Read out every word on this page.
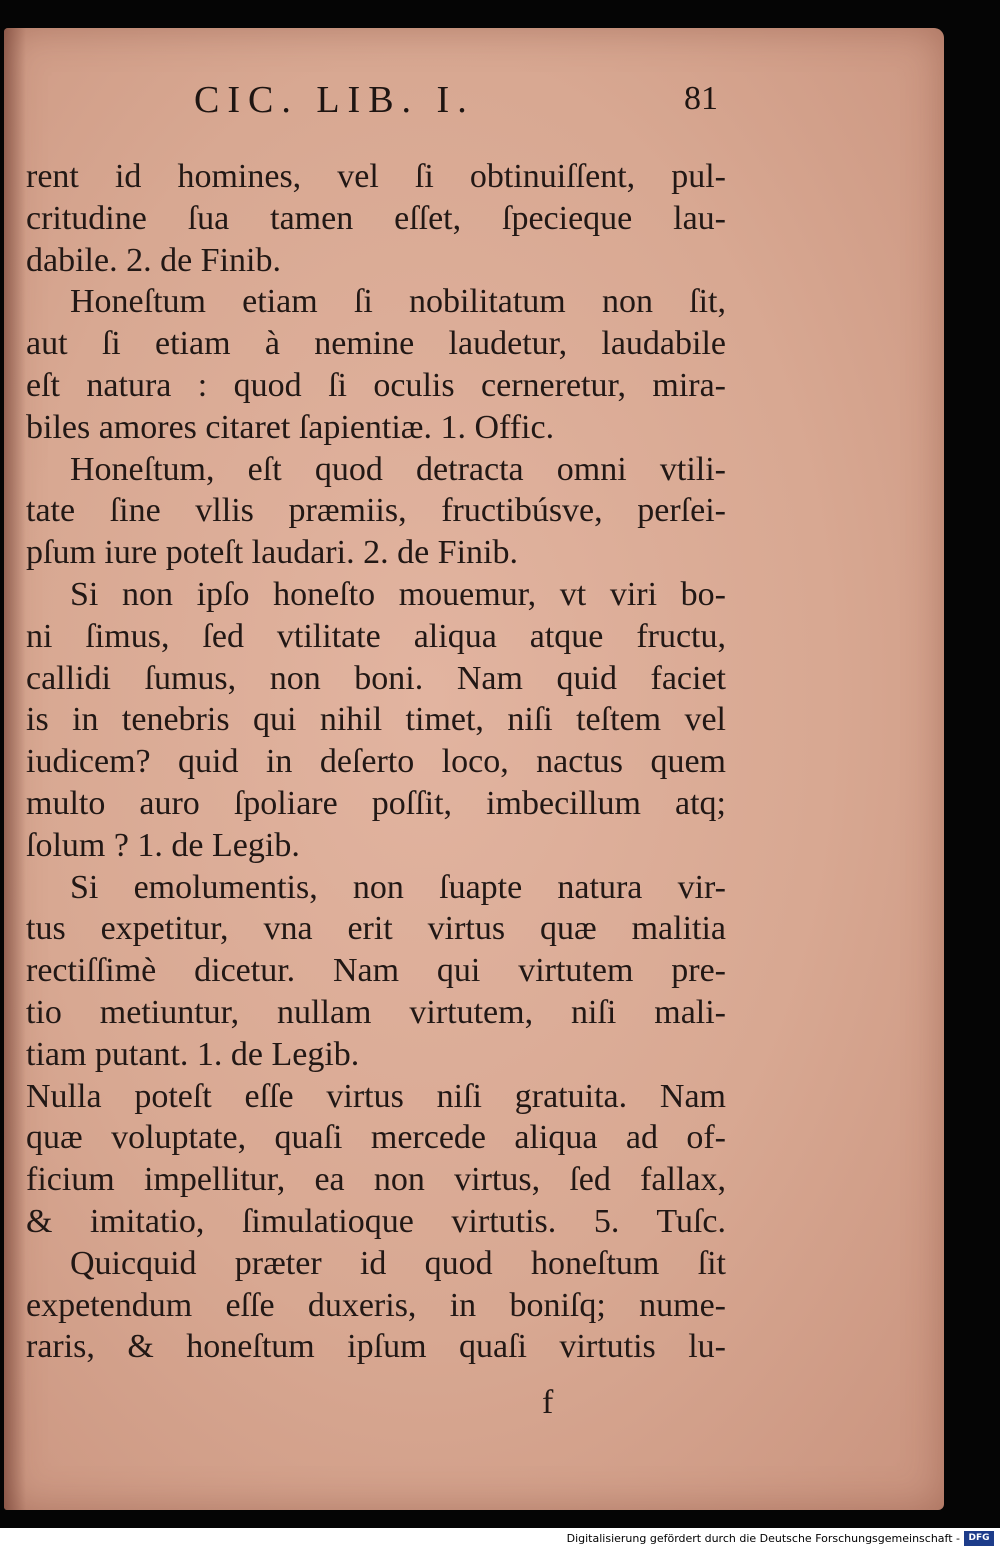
CIC. LIB. I.	81
rent id homines, vel ſi obtinuiſſent, pul-
critudine ſua tamen eſſet, ſpecieque lau-
dabile. 2. de Finib.
Honeſtum etiam ſi nobilitatum non ſit,
aut ſi etiam à nemine laudetur, laudabile
eſt natura : quod ſi oculis cerneretur, mira-
biles amores citaret ſapientiæ. 1. Offic.
Honeſtum, eſt quod detracta omni vtili-
tate ſine vllis præmiis, fructibúsve, perſei-
pſum iure poteſt laudari. 2. de Finib.
Si non ipſo honeſto mouemur, vt viri bo-
ni ſimus, ſed vtilitate aliqua atque fructu,
callidi ſumus, non boni. Nam quid faciet
is in tenebris qui nihil timet, niſi teſtem vel
iudicem? quid in deſerto loco, nactus quem
multo auro ſpoliare poſſit, imbecillum atq;
ſolum ? 1. de Legib.
Si emolumentis, non ſuapte natura vir-
tus expetitur, vna erit virtus quæ malitia
rectiſſimè dicetur. Nam qui virtutem pre-
tio metiuntur, nullam virtutem, niſi mali-
tiam putant. 1. de Legib.
Nulla poteſt eſſe virtus niſi gratuita. Nam
quæ voluptate, quaſi mercede aliqua ad of-
ficium impellitur, ea non virtus, ſed fallax,
& imitatio, ſimulatioque virtutis. 5. Tuſc.
Quicquid præter id quod honeſtum ſit
expetendum eſſe duxeris, in boniſq; nume-
raris, & honeſtum ipſum quaſi virtutis lu-
f
Digitalisierung gefördert durch die Deutsche Forschungsgemeinschaft - DFG
